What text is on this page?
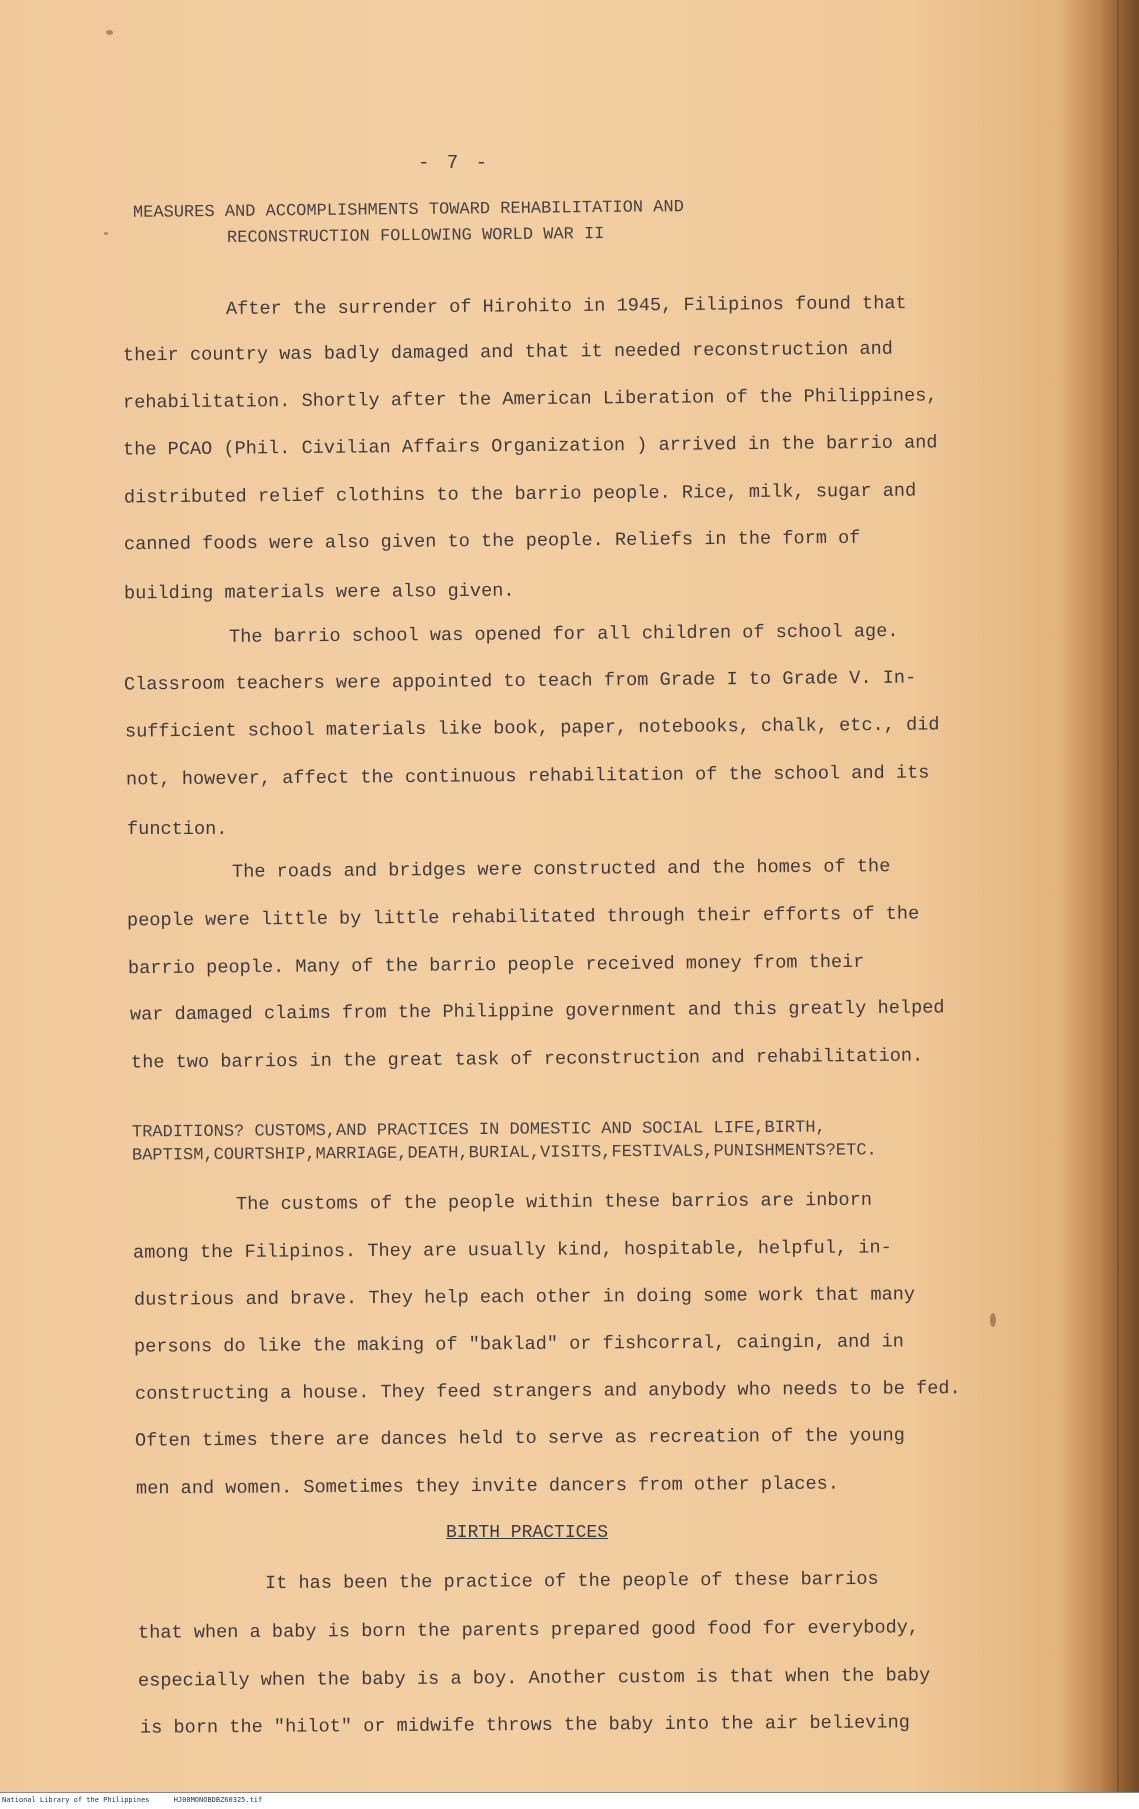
- 7 -
MEASURES AND ACCOMPLISHMENTS TOWARD REHABILITATION AND
RECONSTRUCTION FOLLOWING WORLD WAR II
After the surrender of Hirohito in 1945, Filipinos found that
their country was badly damaged and that it needed reconstruction and
rehabilitation. Shortly after the American Liberation of the Philippines,
the PCAO (Phil. Civilian Affairs Organization ) arrived in the barrio and
distributed relief clothins to the barrio people. Rice, milk, sugar and
canned foods were also given to the people. Reliefs in the form of
building materials were also given.
The barrio school was opened for all children of school age.
Classroom teachers were appointed to teach from Grade I to Grade V. In-
sufficient school materials like book, paper, notebooks, chalk, etc., did
not, however, affect the continuous rehabilitation of the school and its
function.
The roads and bridges were constructed and the homes of the
people were little by little rehabilitated through their efforts of the
barrio people. Many of the barrio people received money from their
war damaged claims from the Philippine government and this greatly helped
the two barrios in the great task of reconstruction and rehabilitation.
TRADITIONS? CUSTOMS,AND PRACTICES IN DOMESTIC AND SOCIAL LIFE,BIRTH,
BAPTISM,COURTSHIP,MARRIAGE,DEATH,BURIAL,VISITS,FESTIVALS,PUNISHMENTS?ETC.
The customs of the people within these barrios are inborn
among the Filipinos. They are usually kind, hospitable, helpful, in-
dustrious and brave. They help each other in doing some work that many
persons do like the making of "baklad" or fishcorral, caingin, and in
constructing a house. They feed strangers and anybody who needs to be fed.
Often times there are dances held to serve as recreation of the young
men and women. Sometimes they invite dancers from other places.
BIRTH PRACTICES
It has been the practice of the people of these barrios
that when a baby is born the parents prepared good food for everybody,
especially when the baby is a boy. Another custom is that when the baby
is born the "hilot" or midwife throws the baby into the air believing
National Library of the Philippines	HJ00MONOBDBZ60325.tif
